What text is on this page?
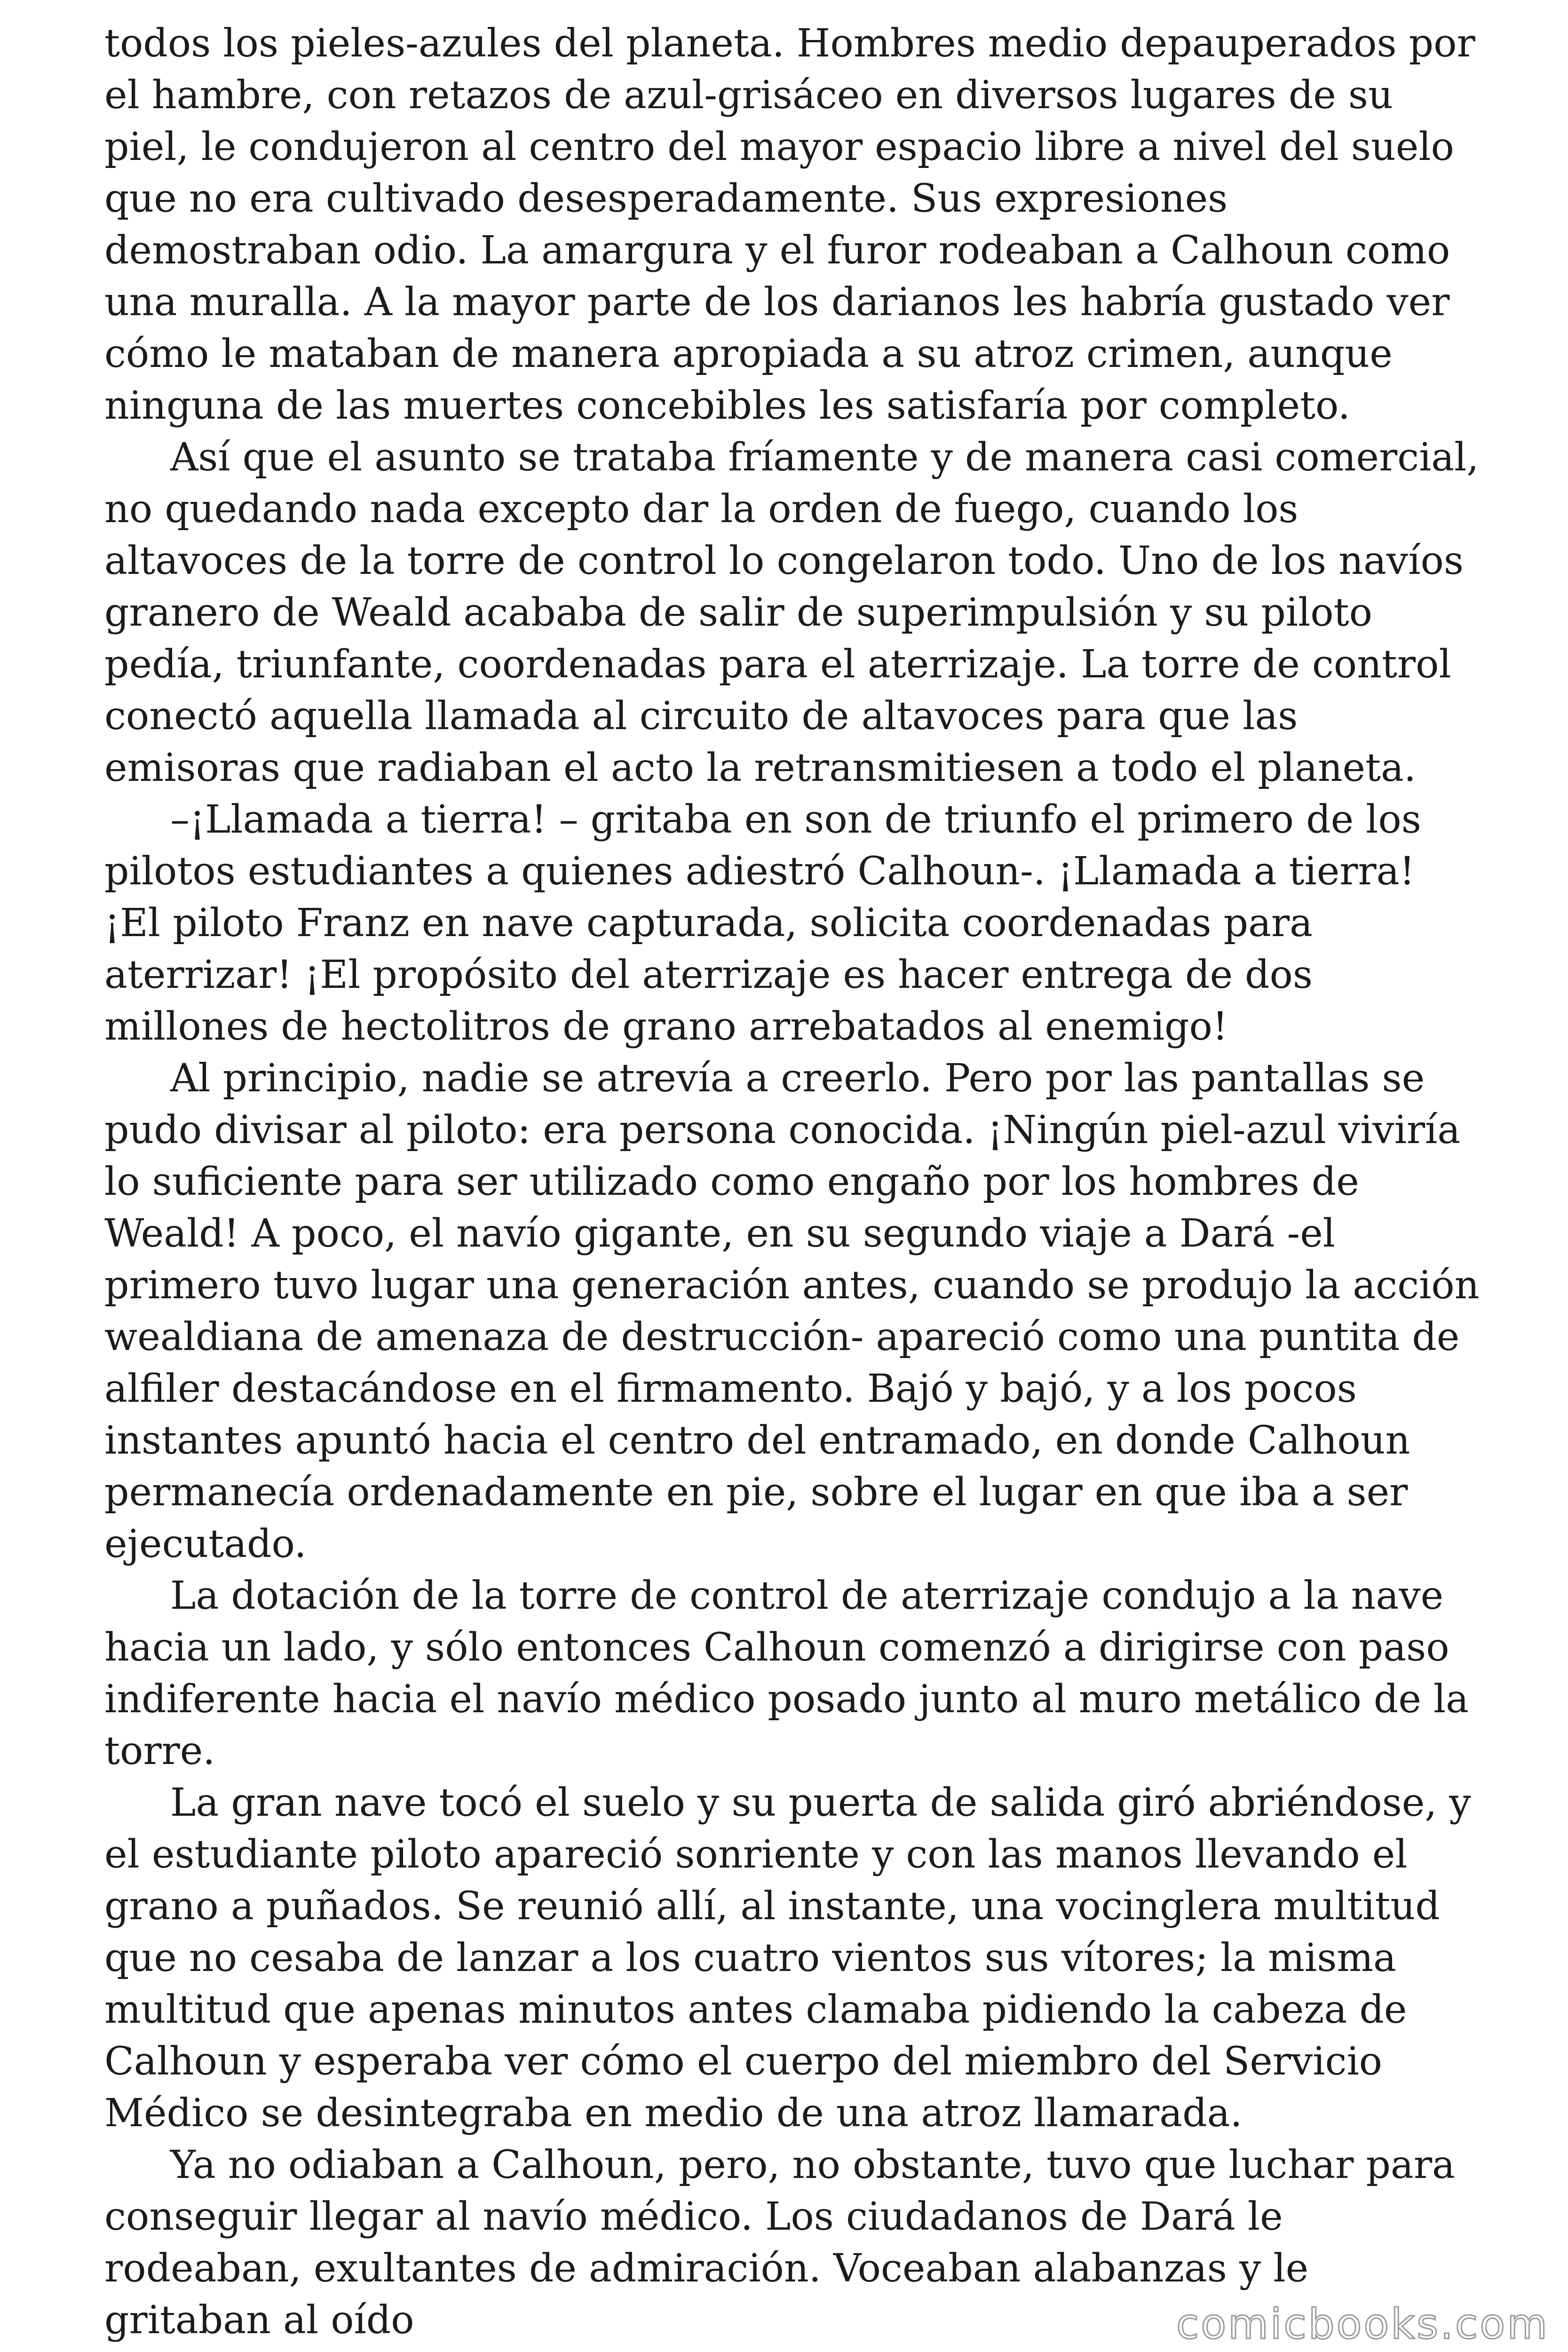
todos los pieles-azules del planeta. Hombres medio depauperados por el hambre, con retazos de azul-grisáceo en diversos lugares de su piel, le condujeron al centro del mayor espacio libre a nivel del suelo que no era cultivado desesperadamente. Sus expresiones demostraban odio. La amargura y el furor rodeaban a Calhoun como una muralla. A la mayor parte de los darianos les habría gustado ver cómo le mataban de manera apropiada a su atroz crimen, aunque ninguna de las muertes concebibles les satisfaría por completo.

Así que el asunto se trataba fríamente y de manera casi comercial, no quedando nada excepto dar la orden de fuego, cuando los altavoces de la torre de control lo congelaron todo. Uno de los navíos granero de Weald acababa de salir de superimpulsión y su piloto pedía, triunfante, coordenadas para el aterrizaje. La torre de control conectó aquella llamada al circuito de altavoces para que las emisoras que radiaban el acto la retransmitiesen a todo el planeta.

–¡Llamada a tierra! – gritaba en son de triunfo el primero de los pilotos estudiantes a quienes adiestró Calhoun-. ¡Llamada a tierra! ¡El piloto Franz en nave capturada, solicita coordenadas para aterrizar! ¡El propósito del aterrizaje es hacer entrega de dos millones de hectolitros de grano arrebatados al enemigo!

Al principio, nadie se atrevía a creerlo. Pero por las pantallas se pudo divisar al piloto: era persona conocida. ¡Ningún piel-azul viviría lo suficiente para ser utilizado como engaño por los hombres de Weald! A poco, el navío gigante, en su segundo viaje a Dará -el primero tuvo lugar una generación antes, cuando se produjo la acción wealdiana de amenaza de destrucción- apareció como una puntita de alfiler destacándose en el firmamento. Bajó y bajó, y a los pocos instantes apuntó hacia el centro del entramado, en donde Calhoun permanecía ordenadamente en pie, sobre el lugar en que iba a ser ejecutado.

La dotación de la torre de control de aterrizaje condujo a la nave hacia un lado, y sólo entonces Calhoun comenzó a dirigirse con paso indiferente hacia el navío médico posado junto al muro metálico de la torre.

La gran nave tocó el suelo y su puerta de salida giró abriéndose, y el estudiante piloto apareció sonriente y con las manos llevando el grano a puñados. Se reunió allí, al instante, una vocinglera multitud que no cesaba de lanzar a los cuatro vientos sus vítores; la misma multitud que apenas minutos antes clamaba pidiendo la cabeza de Calhoun y esperaba ver cómo el cuerpo del miembro del Servicio Médico se desintegraba en medio de una atroz llamarada.

Ya no odiaban a Calhoun, pero, no obstante, tuvo que luchar para conseguir llegar al navío médico. Los ciudadanos de Dará le rodeaban, exultantes de admiración. Voceaban alabanzas y le gritaban al oído	comicbooks.com
